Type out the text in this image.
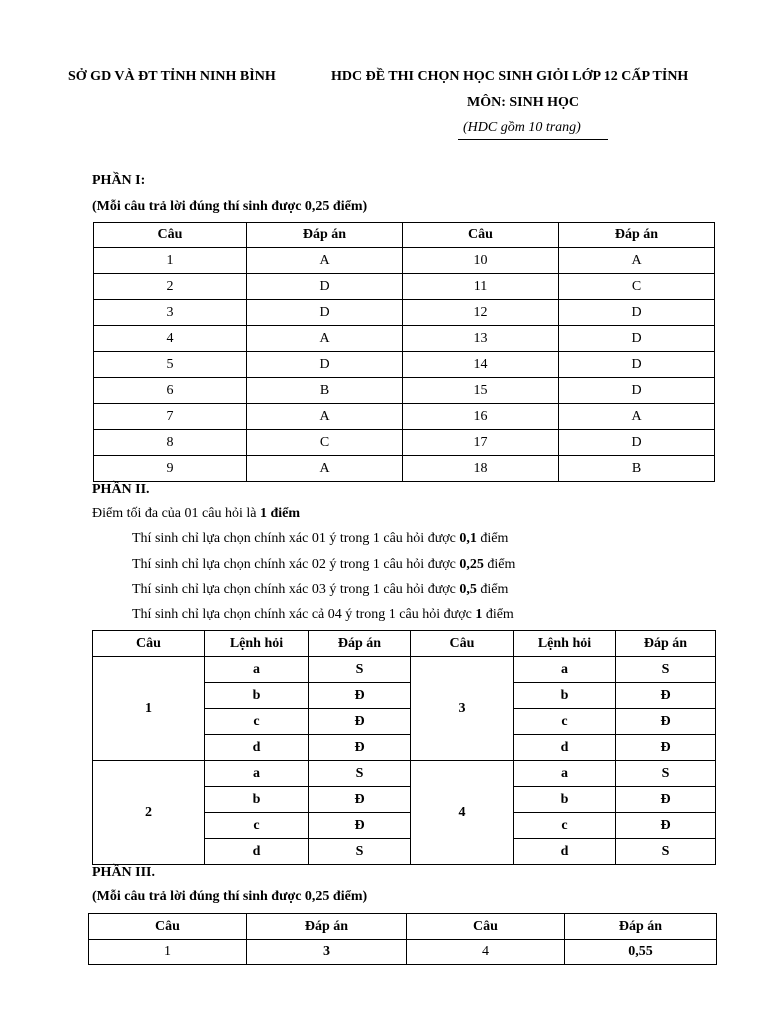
SỞ GD VÀ ĐT TỈNH NINH BÌNH	HDC ĐỀ THI CHỌN HỌC SINH GIỎI LỚP 12 CẤP TỈNH
MÔN: SINH HỌC
(HDC gồm 10 trang)
PHẦN I:
(Mỗi câu trả lời đúng thí sinh được 0,25 điểm)
Câu	Đáp án	Câu	Đáp án
1	A	10	A
2	D	11	C
3	D	12	D
4	A	13	D
5	D	14	D
6	B	15	D
7	A	16	A
8	C	17	D
9	A	18	B
PHẦN II.
Điểm tối đa của 01 câu hỏi là 1 điểm
Thí sinh chỉ lựa chọn chính xác 01 ý trong 1 câu hỏi được 0,1 điểm
Thí sinh chỉ lựa chọn chính xác 02 ý trong 1 câu hỏi được 0,25 điểm
Thí sinh chỉ lựa chọn chính xác 03 ý trong 1 câu hỏi được 0,5 điểm
Thí sinh chỉ lựa chọn chính xác cả 04 ý trong 1 câu hỏi được 1 điểm
Câu	Lệnh hỏi	Đáp án	Câu	Lệnh hỏi	Đáp án
1	a	S	3	a	S
	b	Đ		b	Đ
	c	Đ		c	Đ
	d	Đ		d	Đ
2	a	S	4	a	S
	b	Đ		b	Đ
	c	Đ		c	Đ
	d	S		d	S
PHẦN III.
(Mỗi câu trả lời đúng thí sinh được 0,25 điểm)
Câu	Đáp án	Câu	Đáp án
1	3	4	0,55
